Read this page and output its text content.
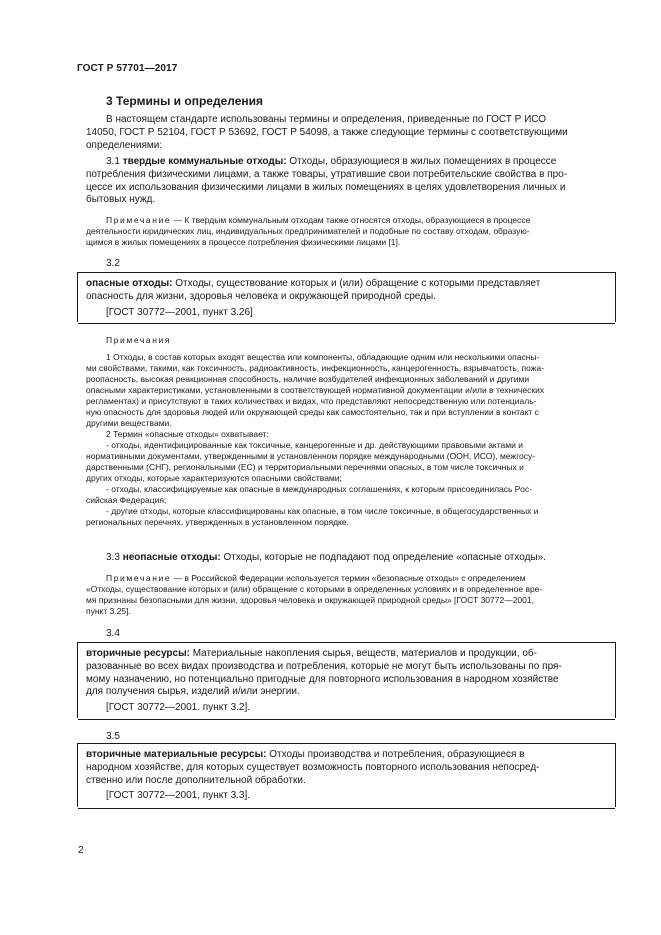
ГОСТ Р 57701—2017
3 Термины и определения

В настоящем стандарте использованы термины и определения, приведенные по ГОСТ Р ИСО

14050, ГОСТ Р 52104, ГОСТ Р 53692, ГОСТ Р 54098, а также следующие термины с соответствующими

определениями:

3.1 твердые коммунальные отходы: Отходы, образующиеся в жилых помещениях в процессе

потребления физическими лицами, а также товары, утратившие свои потребительские свойства в про-

цессе их использования физическими лицами в жилых помещениях в целях удовлетворения личных и

бытовых нужд.

Примечание — К твердым коммунальным отходам также относятся отходы, образующиеся в процессе

деятельности юридических лиц, индивидуальных предпринимателей и подобные по составу отходам, образую-

щимся в жилых помещениях в процессе потребления физическими лицами [1].

3.2

опасные отходы: Отходы, существование которых и (или) обращение с которыми представляет

опасность для жизни, здоровья человека и окружающей природной среды.

[ГОСТ 30772—2001, пункт 3.26]

Примечания

1 Отходы, в состав которых входят вещества или компоненты, обладающие одним или несколькими опасны-

ми свойствами, такими, как токсичность, радиоактивность, инфекционность, канцерогенность, взрывчатость, пожа-

роопасность, высокая реакционная способность, наличие возбудителей инфекционных заболеваний и другими

опасными характеристиками, установленными в соответствующей нормативной документации и/или в технических

регламентах) и присутствуют в таких количествах и видах, что представляют непосредственную или потенциаль-

ную опасность для здоровья людей или окружающей среды как самостоятельно, так и при вступлении в контакт с

другими веществами.

2 Термин «опасные отходы» охватывает:

- отходы, идентифицированные как токсичные, канцерогенные и др. действующими правовыми актами и

нормативными документами, утвержденными в установленном порядке международными (ООН, ИСО), межгосу-

дарственными (СНГ), региональными (ЕС) и территориальными перечнями опасных, в том числе токсичных и

других отходы, которые характеризуются опасными свойствами;

- отходы, классифицируемые как опасные в международных соглашениях, к которым присоединилась Рос-

сийская Федерация;

- другие отходы, которые классифицированы как опасные, в том числе токсичные, в общегосударственных и

региональных перечнях, утвержденных в установленном порядке.

3.3 неопасные отходы: Отходы, которые не подпадают под определение «опасные отходы».

Примечание — в Российской Федерации используется термин «безопасные отходы» с определением

«Отходы, существование которых и (или) обращение с которыми в определенных условиях и в определенное вре-

мя признаны безопасными для жизни, здоровья человека и окружающей природной среды» [ГОСТ 30772—2001,

пункт 3.25].

3.4

вторичные ресурсы: Материальные накопления сырья, веществ, материалов и продукции, об-

разованные во всех видах производства и потребления, которые не могут быть использованы по пря-

мому назначению, но потенциально пригодные для повторного использования в народном хозяйстве

для получения сырья, изделий и/или энергии.

[ГОСТ 30772—2001. пункт 3.2].

3.5

вторичные материальные ресурсы: Отходы производства и потребления, образующиеся в

народном хозяйстве, для которых существует возможность повторного использования непосред-

ственно или после дополнительной обработки.

[ГОСТ 30772—2001, пункт 3.3].

2
